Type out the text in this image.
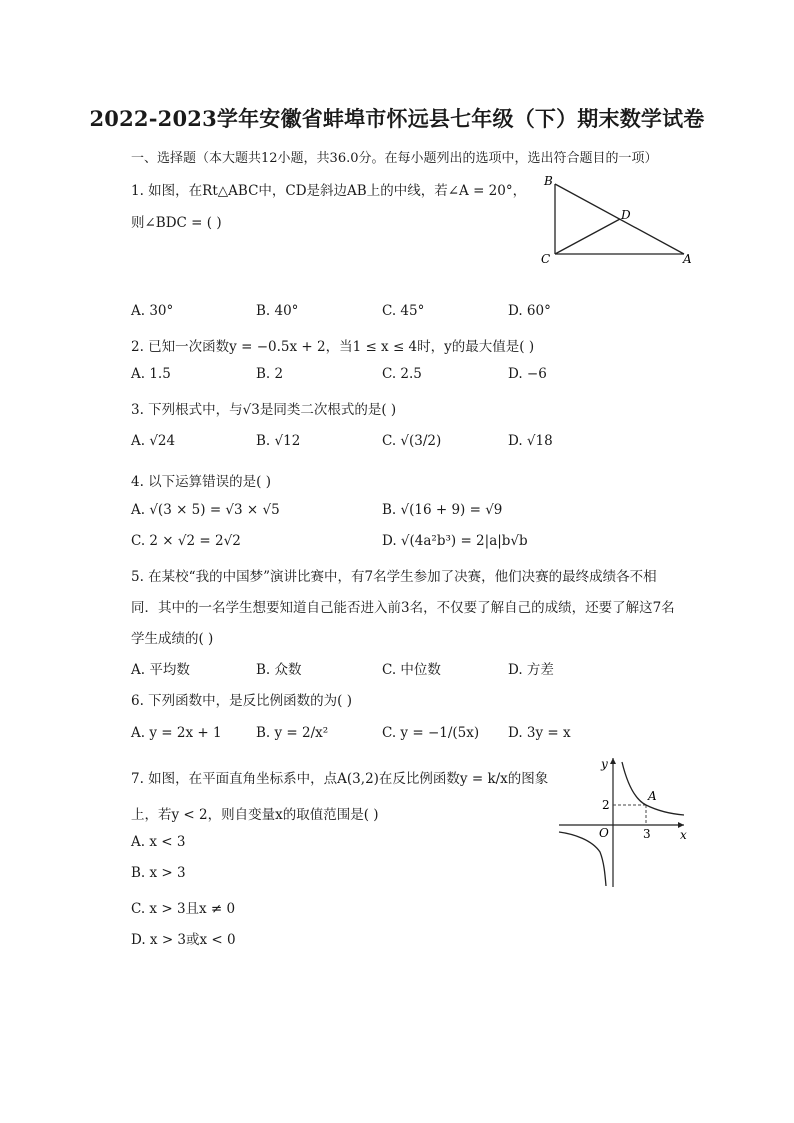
2022-2023学年安徽省蚌埠市怀远县七年级（下）期末数学试卷
一、选择题（本大题共12小题，共36.0分。在每小题列出的选项中，选出符合题目的一项）
1. 如图，在Rt△ABC中，CD是斜边AB上的中线，若∠A = 20°，
则∠BDC = ( )
B
D
C	A
A. 30°	B. 40°	C. 45°	D. 60°
2. 已知一次函数y = −0.5x + 2，当1 ≤ x ≤ 4时，y的最大值是( )
A. 1.5	B. 2	C. 2.5	D. −6
3. 下列根式中，与√3是同类二次根式的是( )
A. √24	B. √12	C. √(3/2)	D. √18
4. 以下运算错误的是( )
A. √(3 × 5) = √3 × √5	B. √(16 + 9) = √9
C. 2 × √2 = 2√2	D. √(4a²b³) = 2|a|b√b
5. 在某校“我的中国梦”演讲比赛中，有7名学生参加了决赛，他们决赛的最终成绩各不相
同．其中的一名学生想要知道自己能否进入前3名，不仅要了解自己的成绩，还要了解这7名
学生成绩的( )
A. 平均数	B. 众数	C. 中位数	D. 方差
6. 下列函数中，是反比例函数的为( )
A. y = 2x + 1	B. y = 2/x²	C. y = −1/(5x) D. 3y = x
7. 如图，在平面直角坐标系中，点A(3,2)在反比例函数y = k/x的图象
上，若y < 2，则自变量x的取值范围是( )
y
x
O
A
2
3
A. x < 3
B. x > 3
C. x > 3且x ≠ 0
D. x > 3或x < 0
